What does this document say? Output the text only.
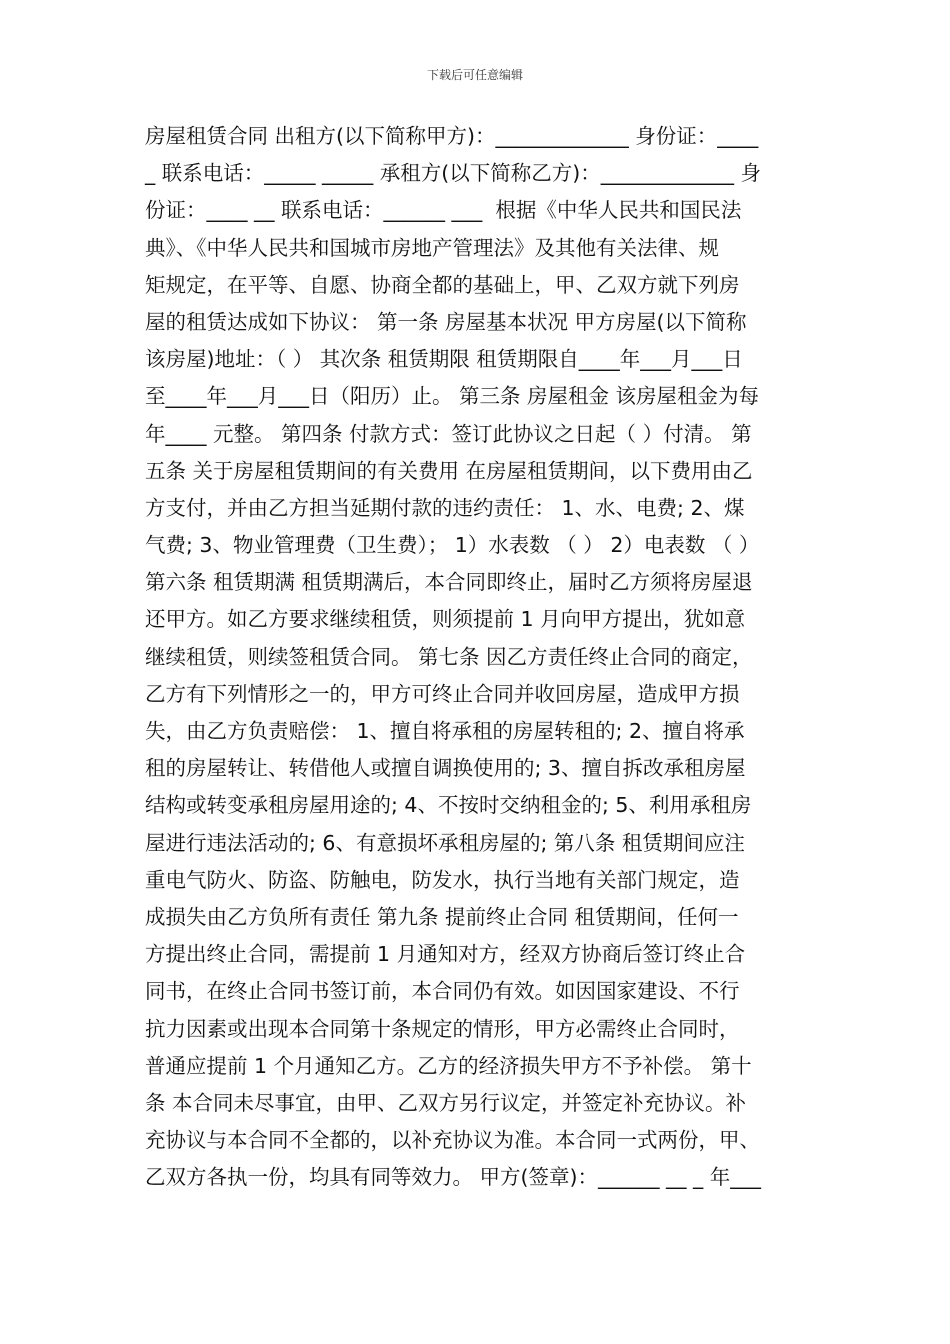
下载后可任意编辑
房屋租赁合同 出租方(以下简称甲方)：_____________ 身份证：____
_ 联系电话：_____ _____ 承租方(以下简称乙方)：_____________ 身
份证：____ __ 联系电话：______ ___  根据《中华人民共和国民法
典》、《中华人民共和国城市房地产管理法》及其他有关法律、规
矩规定，在平等、自愿、协商全都的基础上，甲、乙双方就下列房
屋的租赁达成如下协议： 第一条 房屋基本状况 甲方房屋(以下简称
该房屋)地址：（ ） 其次条 租赁期限 租赁期限自____年___月___日
至____年___月___日（阳历）止。 第三条 房屋租金 该房屋租金为每
年____ 元整。 第四条 付款方式：签订此协议之日起（ ）付清。 第
五条 关于房屋租赁期间的有关费用 在房屋租赁期间，以下费用由乙
方支付，并由乙方担当延期付款的违约责任： 1、水、电费; 2、煤
气费; 3、物业管理费（卫生费）； 1）水表数 （ ） 2）电表数 （ ）
第六条 租赁期满 租赁期满后，本合同即终止，届时乙方须将房屋退
还甲方。如乙方要求继续租赁，则须提前 1 月向甲方提出，犹如意
继续租赁，则续签租赁合同。 第七条 因乙方责任终止合同的商定，
乙方有下列情形之一的，甲方可终止合同并收回房屋，造成甲方损
失，由乙方负责赔偿： 1、擅自将承租的房屋转租的; 2、擅自将承
租的房屋转让、转借他人或擅自调换使用的; 3、擅自拆改承租房屋
结构或转变承租房屋用途的; 4、不按时交纳租金的; 5、利用承租房
屋进行违法活动的; 6、有意损坏承租房屋的; 第八条 租赁期间应注
重电气防火、防盗、防触电，防发水，执行当地有关部门规定，造
成损失由乙方负所有责任 第九条 提前终止合同 租赁期间，任何一
方提出终止合同，需提前 1 月通知对方，经双方协商后签订终止合
同书，在终止合同书签订前，本合同仍有效。如因国家建设、不行
抗力因素或出现本合同第十条规定的情形，甲方必需终止合同时，
普通应提前 1 个月通知乙方。乙方的经济损失甲方不予补偿。 第十
条 本合同未尽事宜，由甲、乙双方另行议定，并签定补充协议。补
充协议与本合同不全都的，以补充协议为准。本合同一式两份，甲、
乙双方各执一份，均具有同等效力。 甲方(签章)：______ __ _ 年___
